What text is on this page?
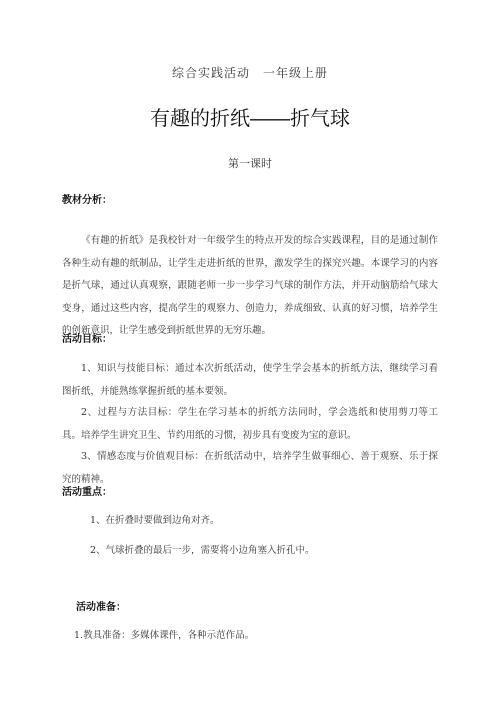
综合实践活动　一年级上册
有趣的折纸——折气球
第一课时
教材分析：
《有趣的折纸》是我校针对一年级学生的特点开发的综合实践课程，目的是通过制作各种生动有趣的纸制品，让学生走进折纸的世界，激发学生的探究兴趣。本课学习的内容是折气球，通过认真观察，跟随老师一步一步学习气球的制作方法，并开动脑筋给气球大变身，通过这些内容，提高学生的观察力、创造力，养成细致、认真的好习惯，培养学生的创新意识，让学生感受到折纸世界的无穷乐趣。
活动目标：
1、知识与技能目标：通过本次折纸活动，使学生学会基本的折纸方法，继续学习看图折纸，并能熟练掌握折纸的基本要领。
2、过程与方法目标：学生在学习基本的折纸方法同时，学会选纸和使用剪刀等工具。培养学生讲究卫生、节约用纸的习惯，初步具有变废为宝的意识。
3、情感态度与价值观目标：在折纸活动中，培养学生做事细心、善于观察、乐于探究的精神。
活动重点：
1、在折叠时要做到边角对齐。
2、气球折叠的最后一步，需要将小边角塞入折孔中。
活动准备：
1.教具准备：多媒体课件，各种示范作品。
